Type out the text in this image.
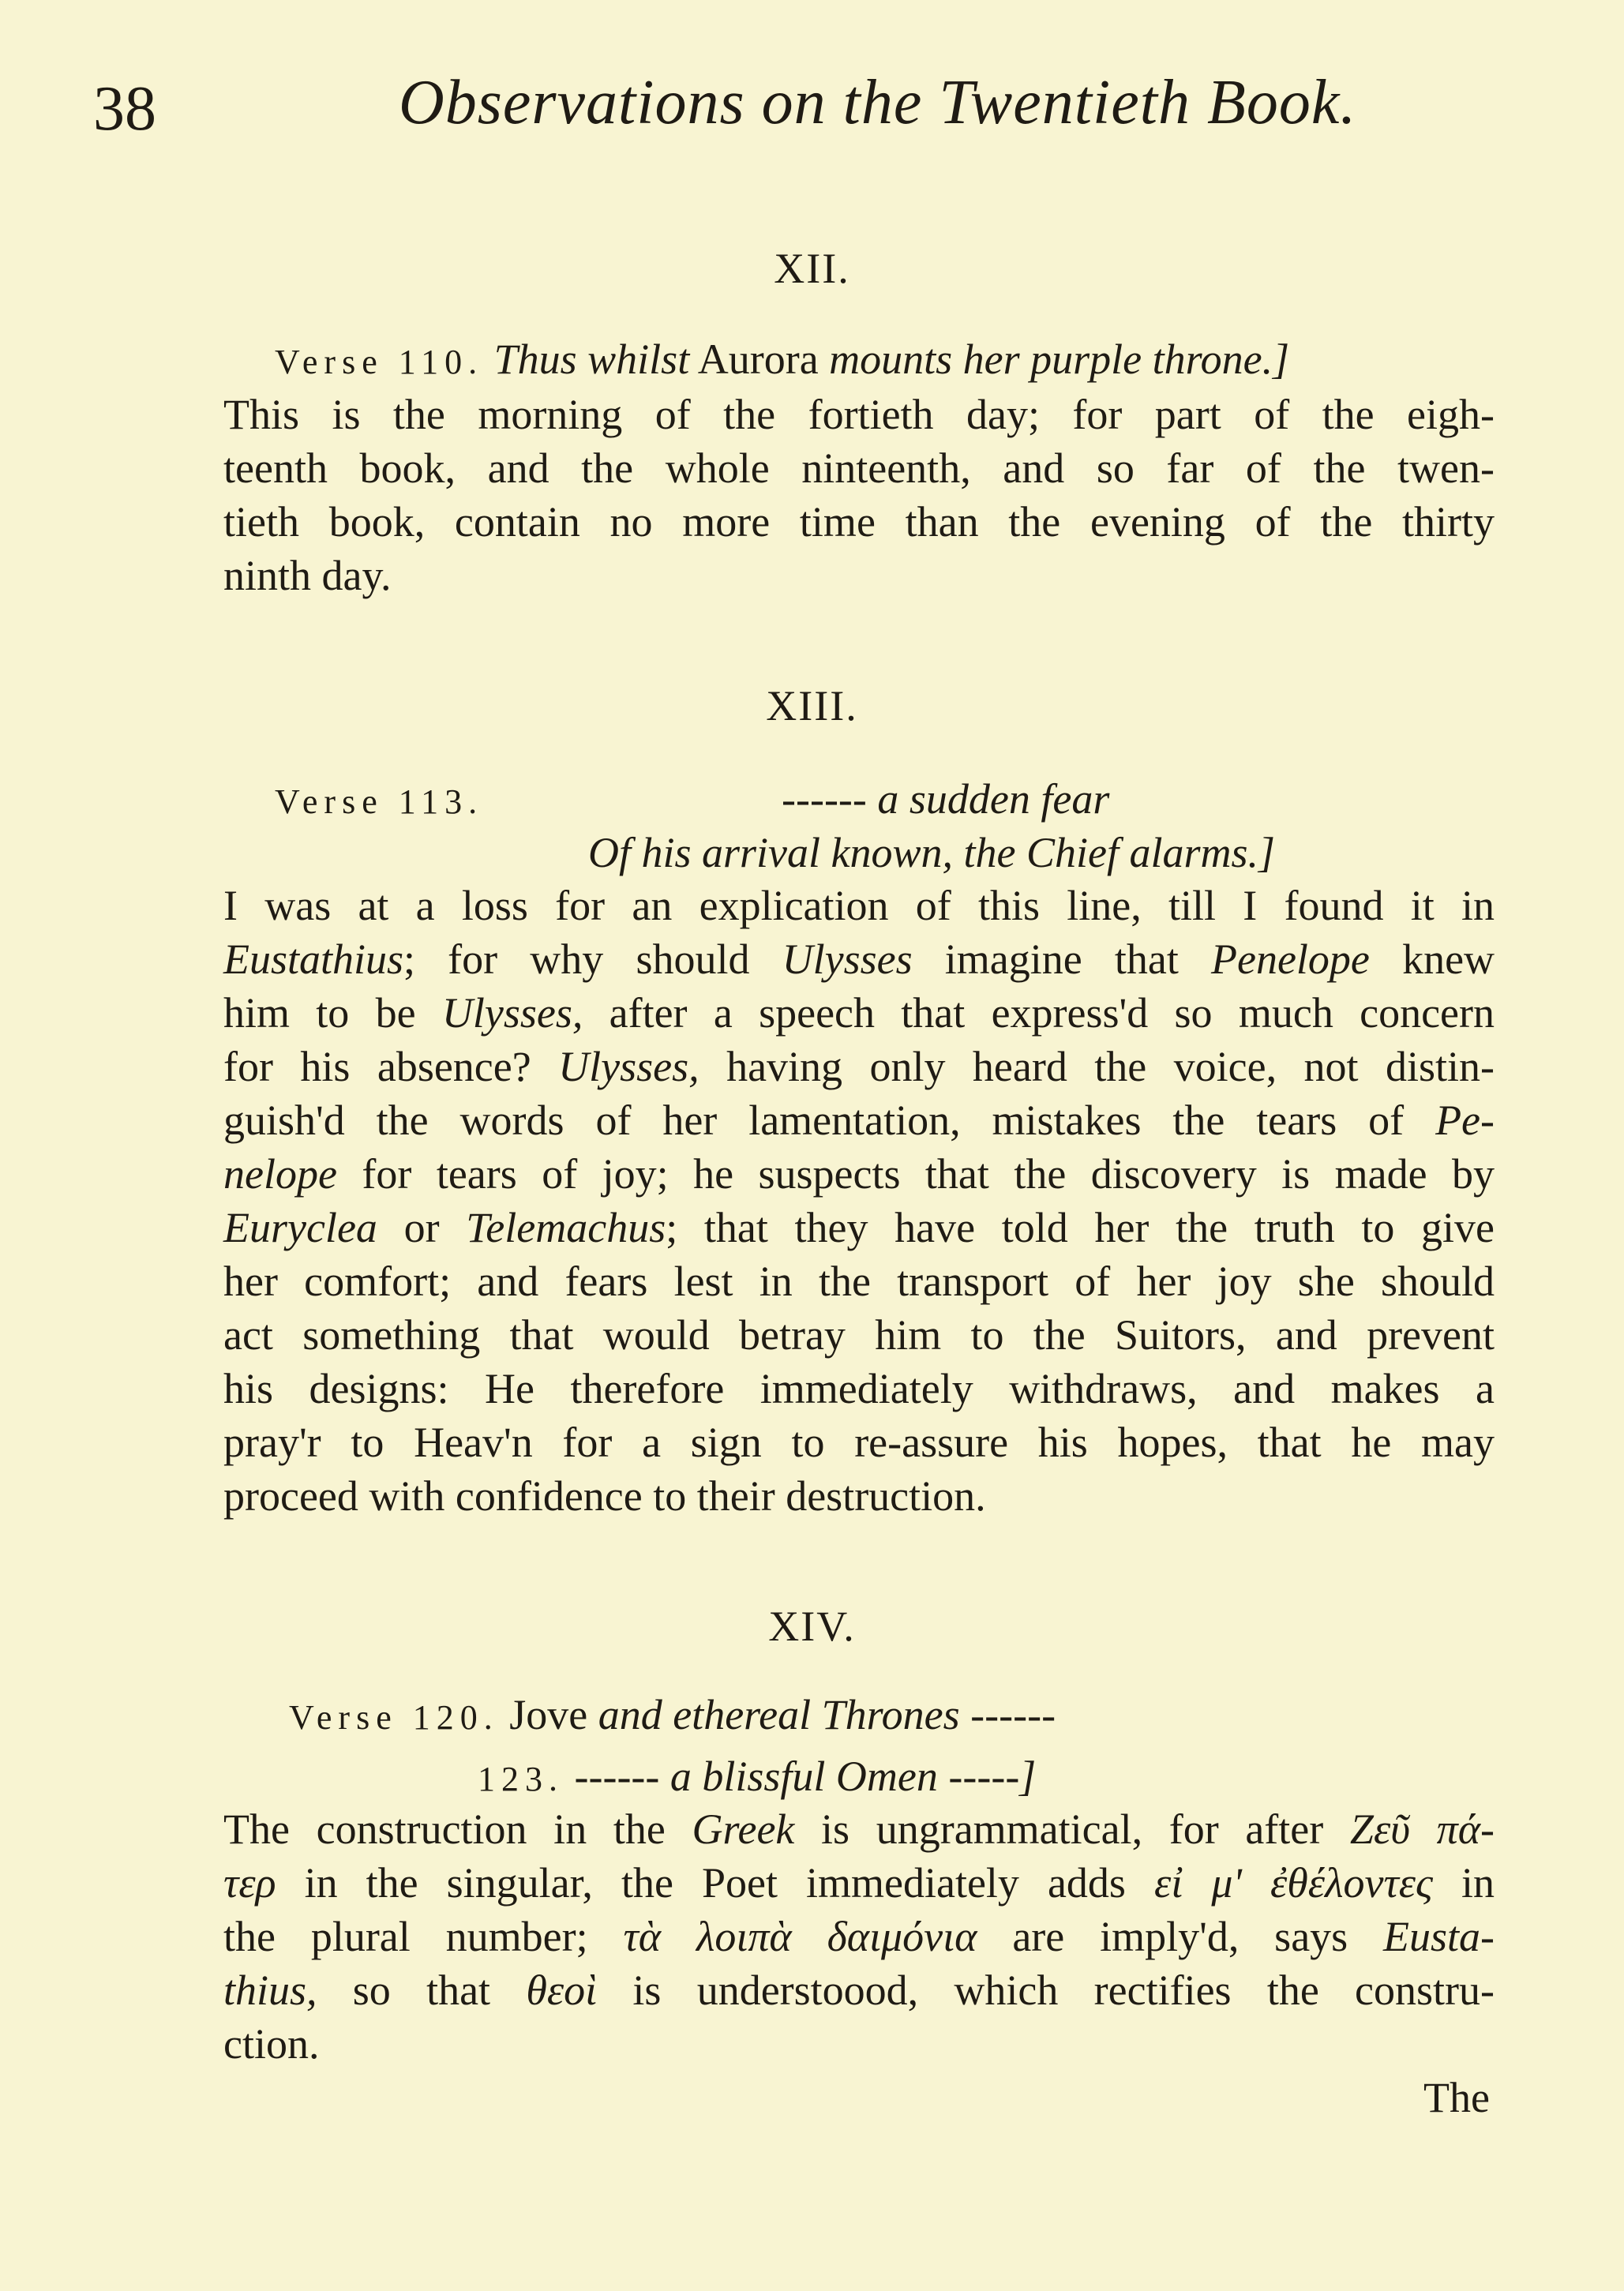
38	Observations on the Twentieth Book.
XII.
Verse 110. Thus whilst Aurora mounts her purple throne.]
This is the morning of the fortieth day; for part of the eigh-
teenth book, and the whole ninteenth, and so far of the twen-
tieth book, contain no more time than the evening of the thirty
ninth day.
XIII.
Verse 113.	------ a sudden fear
Of his arrival known, the Chief alarms.]
I was at a loss for an explication of this line, till I found it in
Eustathius; for why should Ulysses imagine that Penelope knew
him to be Ulysses, after a speech that express'd so much concern
for his absence? Ulysses, having only heard the voice, not distin-
guish'd the words of her lamentation, mistakes the tears of Pe-
nelope for tears of joy; he suspects that the discovery is made by
Euryclea or Telemachus; that they have told her the truth to give
her comfort; and fears lest in the transport of her joy she should
act something that would betray him to the Suitors, and prevent
his designs: He therefore immediately withdraws, and makes a
pray'r to Heav'n for a sign to re-assure his hopes, that he may
proceed with confidence to their destruction.
XIV.
Verse 120. Jove and ethereal Thrones ------
123. ------ a blissful Omen -----]
The construction in the Greek is ungrammatical, for after Ζεῦ πά-
τερ in the singular, the Poet immediately adds εἰ μ' ἐθέλοντες in
the plural number; τὰ λοιπὰ δαιμόνια are imply'd, says Eusta-
thius, so that θεοὶ is understoood, which rectifies the constru-
ction.
The
